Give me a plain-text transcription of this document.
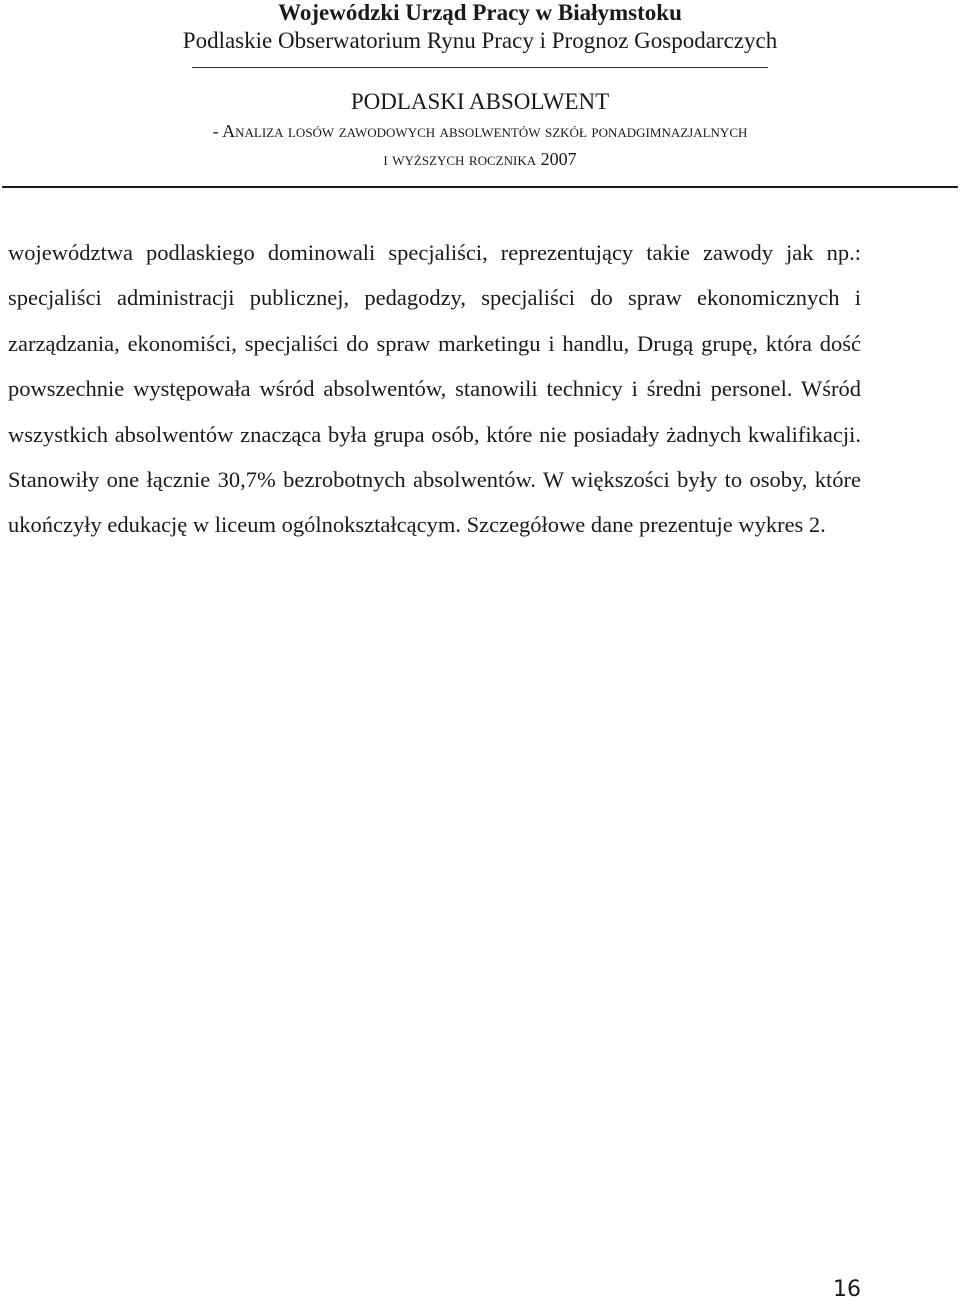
Wojewódzki Urząd Pracy w Białymstoku
Podlaskie Obserwatorium Rynu Pracy i Prognoz Gospodarczych
PODLASKI ABSOLWENT
- Analiza losów zawodowych absolwentów szkół ponadgimnazjalnych
i wyższych rocznika 2007

województwa podlaskiego dominowali specjaliści, reprezentujący takie zawody jak np.: specjaliści administracji publicznej, pedagodzy, specjaliści do spraw ekonomicznych i zarządzania, ekonomiści, specjaliści do spraw marketingu i handlu, Drugą grupę, która dość powszechnie występowała wśród absolwentów, stanowili technicy i średni personel. Wśród wszystkich absolwentów znacząca była grupa osób, które nie posiadały żadnych kwalifikacji. Stanowiły one łącznie 30,7% bezrobotnych absolwentów. W większości były to osoby, które ukończyły edukację w liceum ogólnokształcącym. Szczegółowe dane prezentuje wykres 2.

16
